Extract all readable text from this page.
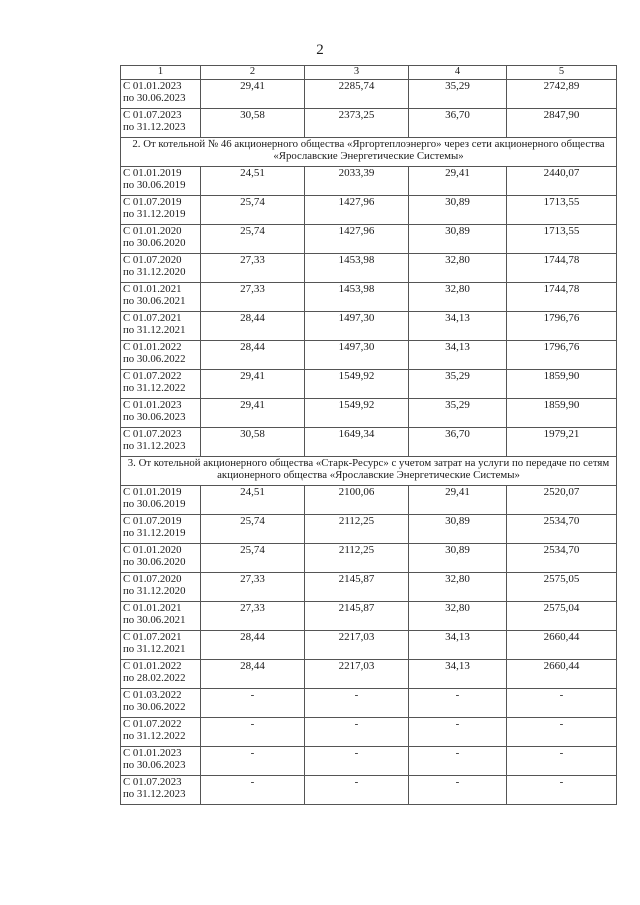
2
1	2	3	4	5

С 01.01.2023
по 30.06.2023	29,41	2285,74	35,29	2742,89

С 01.07.2023
по 31.12.2023	30,58	2373,25	36,70	2847,90
2. От котельной № 46 акционерного общества «Яргортеплоэнерго» через сети акционерного общества «Ярославские Энергетические Системы»				

С 01.01.2019
по 30.06.2019	24,51	2033,39	29,41	2440,07

С 01.07.2019
по 31.12.2019	25,74	1427,96	30,89	1713,55

С 01.01.2020
по 30.06.2020	25,74	1427,96	30,89	1713,55

С 01.07.2020
по 31.12.2020	27,33	1453,98	32,80	1744,78

С 01.01.2021
по 30.06.2021	27,33	1453,98	32,80	1744,78

С 01.07.2021
по 31.12.2021	28,44	1497,30	34,13	1796,76

С 01.01.2022
по 30.06.2022	28,44	1497,30	34,13	1796,76

С 01.07.2022
по 31.12.2022	29,41	1549,92	35,29	1859,90

С 01.01.2023
по 30.06.2023	29,41	1549,92	35,29	1859,90

С 01.07.2023
по 31.12.2023	30,58	1649,34	36,70	1979,21
3. От котельной акционерного общества «Старк-Ресурс» с учетом затрат на услуги по передаче по сетям акционерного общества «Ярославские Энергетические Системы»				

С 01.01.2019
по 30.06.2019	24,51	2100,06	29,41	2520,07

С 01.07.2019
по 31.12.2019	25,74	2112,25	30,89	2534,70

С 01.01.2020
по 30.06.2020	25,74	2112,25	30,89	2534,70

С 01.07.2020
по 31.12.2020	27,33	2145,87	32,80	2575,05

С 01.01.2021
по 30.06.2021	27,33	2145,87	32,80	2575,04

С 01.07.2021
по 31.12.2021	28,44	2217,03	34,13	2660,44

С 01.01.2022
по 28.02.2022	28,44	2217,03	34,13	2660,44

С 01.03.2022
по 30.06.2022	-	-	-	-

С 01.07.2022
по 31.12.2022	-	-	-	-

С 01.01.2023
по 30.06.2023	-	-	-	-

С 01.07.2023
по 31.12.2023	-	-	-	-
